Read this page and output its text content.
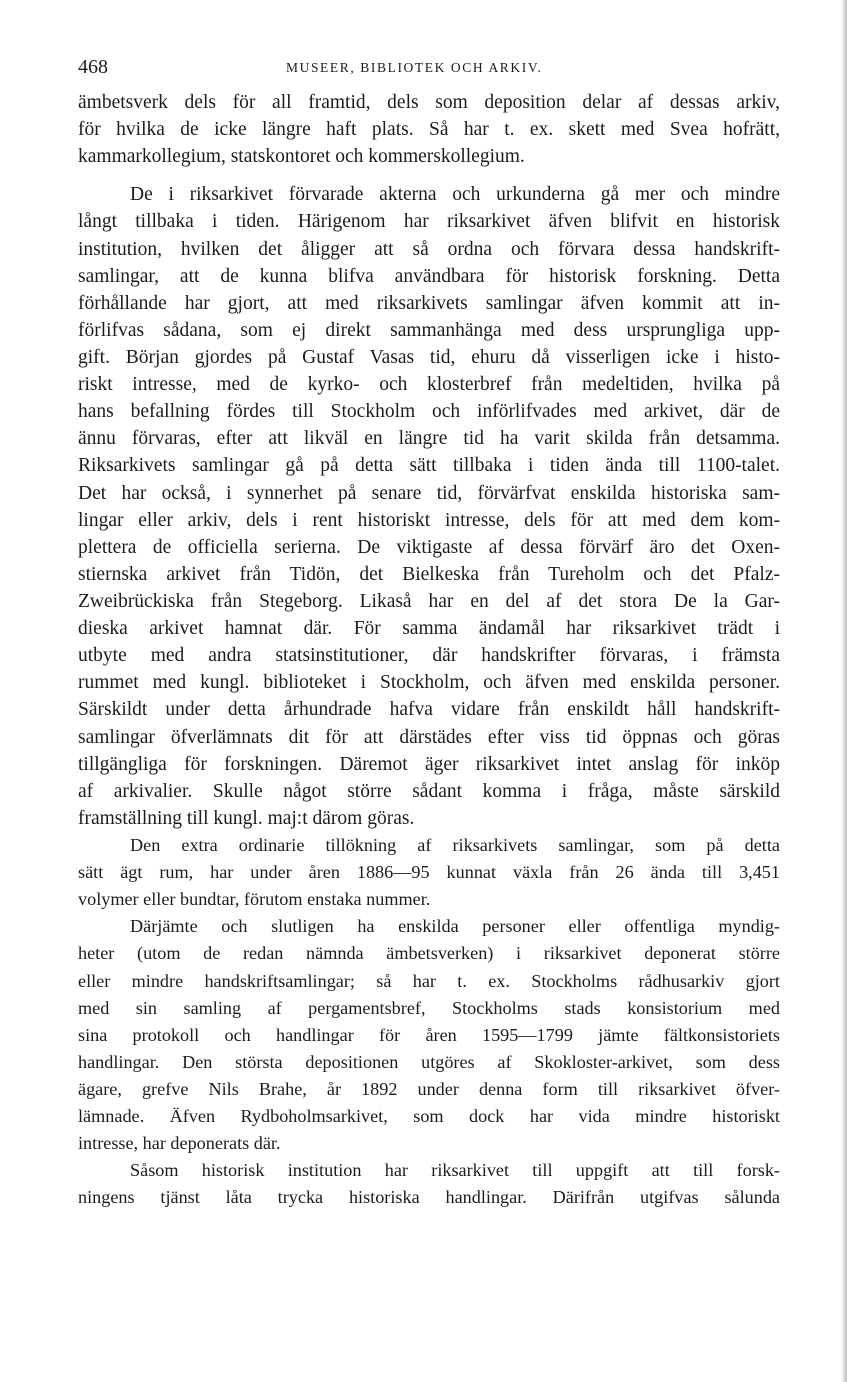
468	MUSEER, BIBLIOTEK OCH ARKIV.
ämbetsverk dels för all framtid, dels som deposition delar af dessas arkiv,
för hvilka de icke längre haft plats. Så har t. ex. skett med Svea hofrätt,
kammarkollegium, statskontoret och kommerskollegium.
De i riksarkivet förvarade akterna och urkunderna gå mer och mindre
långt tillbaka i tiden. Härigenom har riksarkivet äfven blifvit en historisk
institution, hvilken det åligger att så ordna och förvara dessa handskrift-
samlingar, att de kunna blifva användbara för historisk forskning. Detta
förhållande har gjort, att med riksarkivets samlingar äfven kommit att in-
förlifvas sådana, som ej direkt sammanhänga med dess ursprungliga upp-
gift. Början gjordes på Gustaf Vasas tid, ehuru då visserligen icke i histo-
riskt intresse, med de kyrko- och klosterbref från medeltiden, hvilka på
hans befallning fördes till Stockholm och införlifvades med arkivet, där de
ännu förvaras, efter att likväl en längre tid ha varit skilda från detsamma.
Riksarkivets samlingar gå på detta sätt tillbaka i tiden ända till 1100-talet.
Det har också, i synnerhet på senare tid, förvärfvat enskilda historiska sam-
lingar eller arkiv, dels i rent historiskt intresse, dels för att med dem kom-
plettera de officiella serierna. De viktigaste af dessa förvärf äro det Oxen-
stiernska arkivet från Tidön, det Bielkeska från Tureholm och det Pfalz-
Zweibrückiska från Stegeborg. Likaså har en del af det stora De la Gar-
dieska arkivet hamnat där. För samma ändamål har riksarkivet trädt i
utbyte med andra statsinstitutioner, där handskrifter förvaras, i främsta
rummet med kungl. biblioteket i Stockholm, och äfven med enskilda personer.
Särskildt under detta århundrade hafva vidare från enskildt håll handskrift-
samlingar öfverlämnats dit för att därstädes efter viss tid öppnas och göras
tillgängliga för forskningen. Däremot äger riksarkivet intet anslag för inköp
af arkivalier. Skulle något större sådant komma i fråga, måste särskild
framställning till kungl. maj:t därom göras.
Den extra ordinarie tillökning af riksarkivets samlingar, som på detta
sätt ägt rum, har under åren 1886—95 kunnat växla från 26 ända till 3,451
volymer eller bundtar, förutom enstaka nummer.
Därjämte och slutligen ha enskilda personer eller offentliga myndig-
heter (utom de redan nämnda ämbetsverken) i riksarkivet deponerat större
eller mindre handskriftsamlingar; så har t. ex. Stockholms rådhusarkiv gjort
med sin samling af pergamentsbref, Stockholms stads konsistorium med
sina protokoll och handlingar för åren 1595—1799 jämte fältkonsistoriets
handlingar. Den största depositionen utgöres af Skokloster-arkivet, som dess
ägare, grefve Nils Brahe, år 1892 under denna form till riksarkivet öfver-
lämnade. Äfven Rydboholmsarkivet, som dock har vida mindre historiskt
intresse, har deponerats där.
Såsom historisk institution har riksarkivet till uppgift att till forsk-
ningens tjänst låta trycka historiska handlingar. Därifrån utgifvas sålunda
